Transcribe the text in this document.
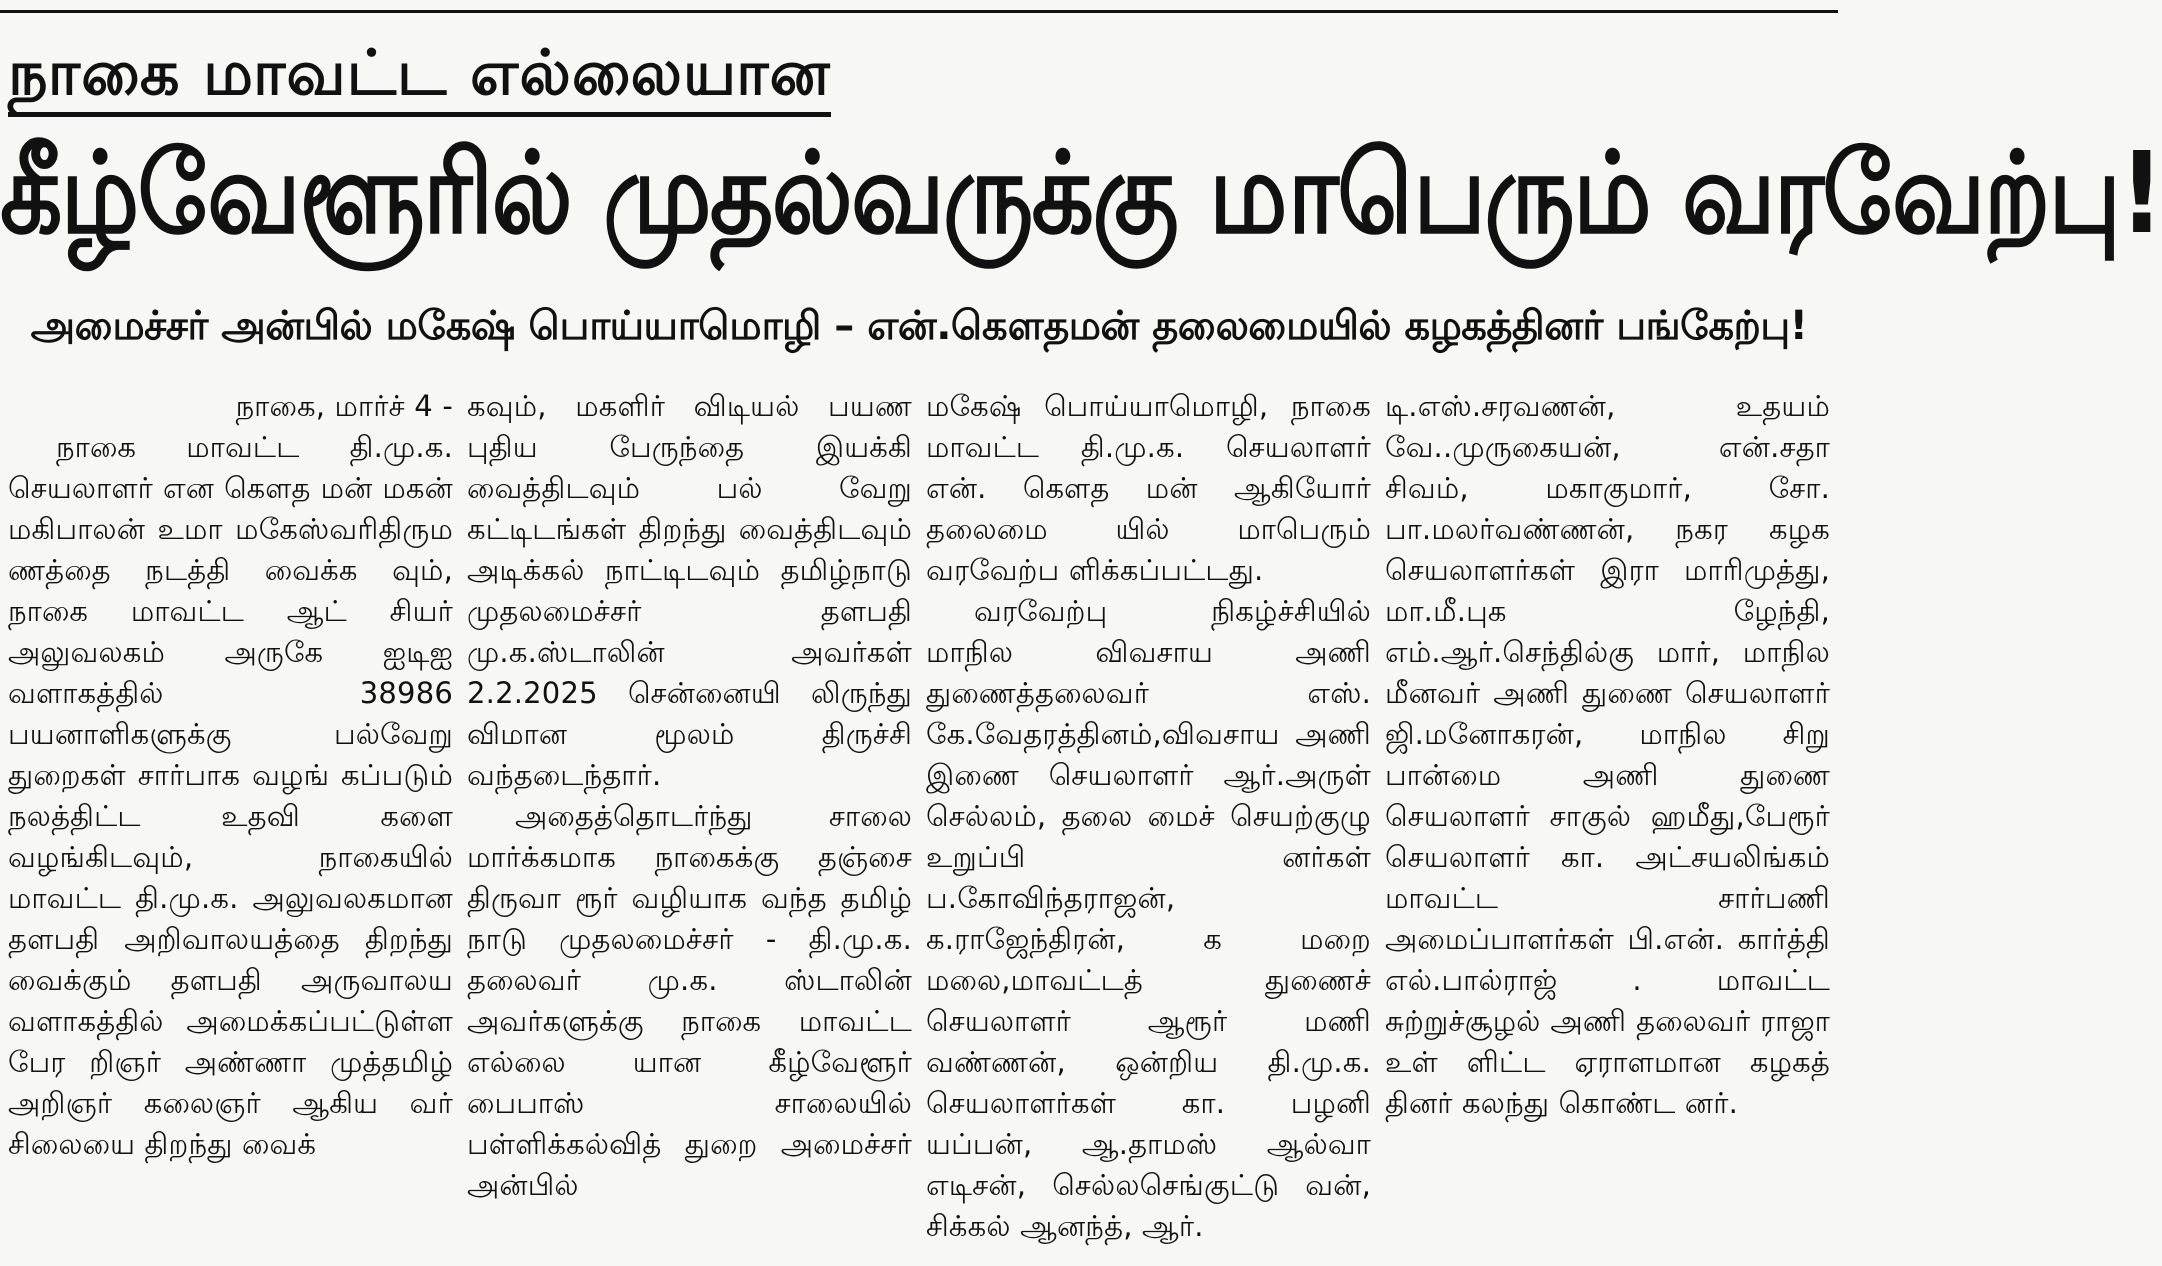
நாகை மாவட்ட எல்லையான
கீழ்வேளூரில் முதல்வருக்கு மாபெரும் வரவேற்பு!
அமைச்சர் அன்பில் மகேஷ் பொய்யாமொழி – என்.கௌதமன் தலைமையில் கழகத்தினர் பங்கேற்பு!

நாகை, மார்ச் 4 -

நாகை மாவட்ட தி.மு.க. செயலாளர் என கௌத மன் மகன் மகிபாலன் உமா மகேஸ்வரிதிரும ணத்தை நடத்தி வைக்க வும், நாகை மாவட்ட ஆட் சியர் அலுவலகம் அருகே ஐடிஐ வளாகத்தில் 38986 பயனாளிகளுக்கு பல்வேறு துறைகள் சார்பாக வழங் கப்படும் நலத்திட்ட உதவி களை வழங்கிடவும், நாகையில் மாவட்ட தி.மு.க. அலுவலகமான தளபதி அறிவாலயத்தை திறந்து வைக்கும் தளபதி அருவாலய வளாகத்தில் அமைக்கப்பட்டுள்ள பேர றிஞர் அண்ணா முத்தமிழ் அறிஞர் கலைஞர் ஆகிய வர் சிலையை திறந்து வைக்

கவும், மகளிர் விடியல் பயண புதிய பேருந்தை இயக்கி வைத்திடவும் பல் வேறு கட்டிடங்கள் திறந்து வைத்திடவும் அடிக்கல் நாட்டிடவும் தமிழ்நாடு முதலமைச்சர் தளபதி மு.க.ஸ்டாலின் அவர்கள் 2.2.2025 சென்னையி லிருந்து விமான மூலம் திருச்சி வந்தடைந்தார்.

அதைத்தொடர்ந்து சாலை மார்க்கமாக நாகைக்கு தஞ்சை திருவா ரூர் வழியாக வந்த தமிழ் நாடு முதலமைச்சர் - தி.மு.க. தலைவர் மு.க. ஸ்டாலின் அவர்களுக்கு நாகை மாவட்ட எல்லை யான கீழ்வேளூர் பைபாஸ் சாலையில் பள்ளிக்கல்வித் துறை அமைச்சர் அன்பில்

மகேஷ் பொய்யாமொழி, நாகை மாவட்ட தி.மு.க. செயலாளர் என். கௌத மன் ஆகியோர் தலைமை யில் மாபெரும் வரவேற்ப ளிக்கப்பட்டது.

வரவேற்பு நிகழ்ச்சியில் மாநில விவசாய அணி துணைத்தலைவர் எஸ். கே.வேதரத்தினம்,விவசாய அணி இணை செயலாளர் ஆர்.அருள் செல்லம், தலை மைச் செயற்குழு உறுப்பி னர்கள் ப.கோவிந்தராஜன், க.ராஜேந்திரன், க மறை மலை,மாவட்டத் துணைச் செயலாளர் ஆரூர் மணி வண்ணன், ஒன்றிய தி.மு.க. செயலாளர்கள் கா. பழனி யப்பன், ஆ.தாமஸ் ஆல்வா எடிசன், செல்லசெங்குட்டு வன், சிக்கல் ஆனந்த், ஆர்.

டி.எஸ்.சரவணன், உதயம் வே..முருகையன், என்.சதா சிவம், மகாகுமார், சோ. பா.மலர்வண்ணன், நகர கழக செயலாளர்கள் இரா மாரிமுத்து, மா.மீ.புக ழேந்தி, எம்.ஆர்.செந்தில்கு மார், மாநில மீனவர் அணி துணை செயலாளர் ஜி.மனோகரன், மாநில சிறு பான்மை அணி துணை செயலாளர் சாகுல் ஹமீது,பேரூர் செயலாளர் கா. அட்சயலிங்கம் மாவட்ட சார்பணி அமைப்பாளர்கள் பி.என். கார்த்தி எல்.பால்ராஜ் . மாவட்ட சுற்றுச்சூழல் அணி தலைவர் ராஜா உள் ளிட்ட ஏராளமான கழகத் தினர் கலந்து கொண்ட னர்.
